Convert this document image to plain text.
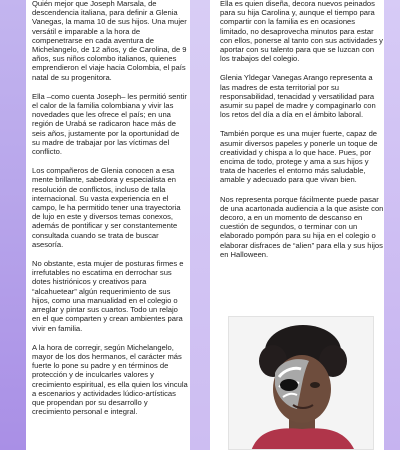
Quién mejor que Joseph Marsala, de descendencia italiana, para definir a Glenia Vanegas, la mama 10 de sus hijos. Una mujer versátil e imparable a la hora de compenetrarse en cada aventura de Michelangelo, de 12 años, y de Carolina, de 9 años, sus niños colombo italianos, quienes emprendieron el viaje hacia Colombia, el país natal de su progenitora.

Ella –como cuenta Joseph– les permitió sentir el calor de la familia colombiana y vivir las novedades que les ofrece el país; en una región de Urabá se radicaron hace más de seis años, justamente por la oportunidad de su madre de trabajar por las víctimas del conflicto.

Los compañeros de Glenia conocen a esa mente brillante, sabedora y especialista en resolución de conflictos, incluso de talla internacional. Su vasta experiencia en el campo, le ha permitido tener una trayectoria de lujo en este y diversos temas conexos, además de pontificar y ser constantemente consultada cuando se trata de buscar asesoría.

No obstante, esta mujer de posturas firmes e irrefutables no escatima en derrochar sus dotes histriónicos y creativos para “alcahuetear” algún requerimiento de sus hijos, como una manualidad en el colegio o arreglar y pintar sus cuartos. Todo un relajo en el que comparten y crean ambientes para vivir en familia.

A la hora de corregir, según Michelangelo, mayor de los dos hermanos, el carácter más fuerte lo pone su padre y en términos de protección y de inculcarles valores y crecimiento espiritual, es ella quien los vincula a escenarios y actividades lúdico-artísticas que propendan por su desarrollo y crecimiento personal e integral.

Ella es quien diseña, decora nuevos peinados para su hija Carolina y, aunque el tiempo para compartir con la familia es en ocasiones limitado, no desaprovecha minutos para estar con ellos, ponerse al tanto con sus actividades y aportar con su talento para que se luzcan con los trabajos del colegio.

Glenia Yldegar Vanegas Arango representa a las madres de esta territorial por su responsabilidad, tenacidad y versatilidad para asumir su papel de madre y compaginarlo con los retos del día a día en el ámbito laboral.

También porque es una mujer fuerte, capaz de asumir diversos papeles y ponerle un toque de creatividad y chispa a lo que hace. Pues, por encima de todo, protege y ama a sus hijos y trata de hacerles el entorno más saludable, amable y adecuado para que vivan bien.

Nos representa porque fácilmente puede pasar de una acartonada audiencia a la que asiste con decoro, a en un momento de descanso en cuestión de segundos, o terminar con un elaborado pompón para su hija en el colegio o elaborar disfraces de “alien” para ella y sus hijos en Halloween.
